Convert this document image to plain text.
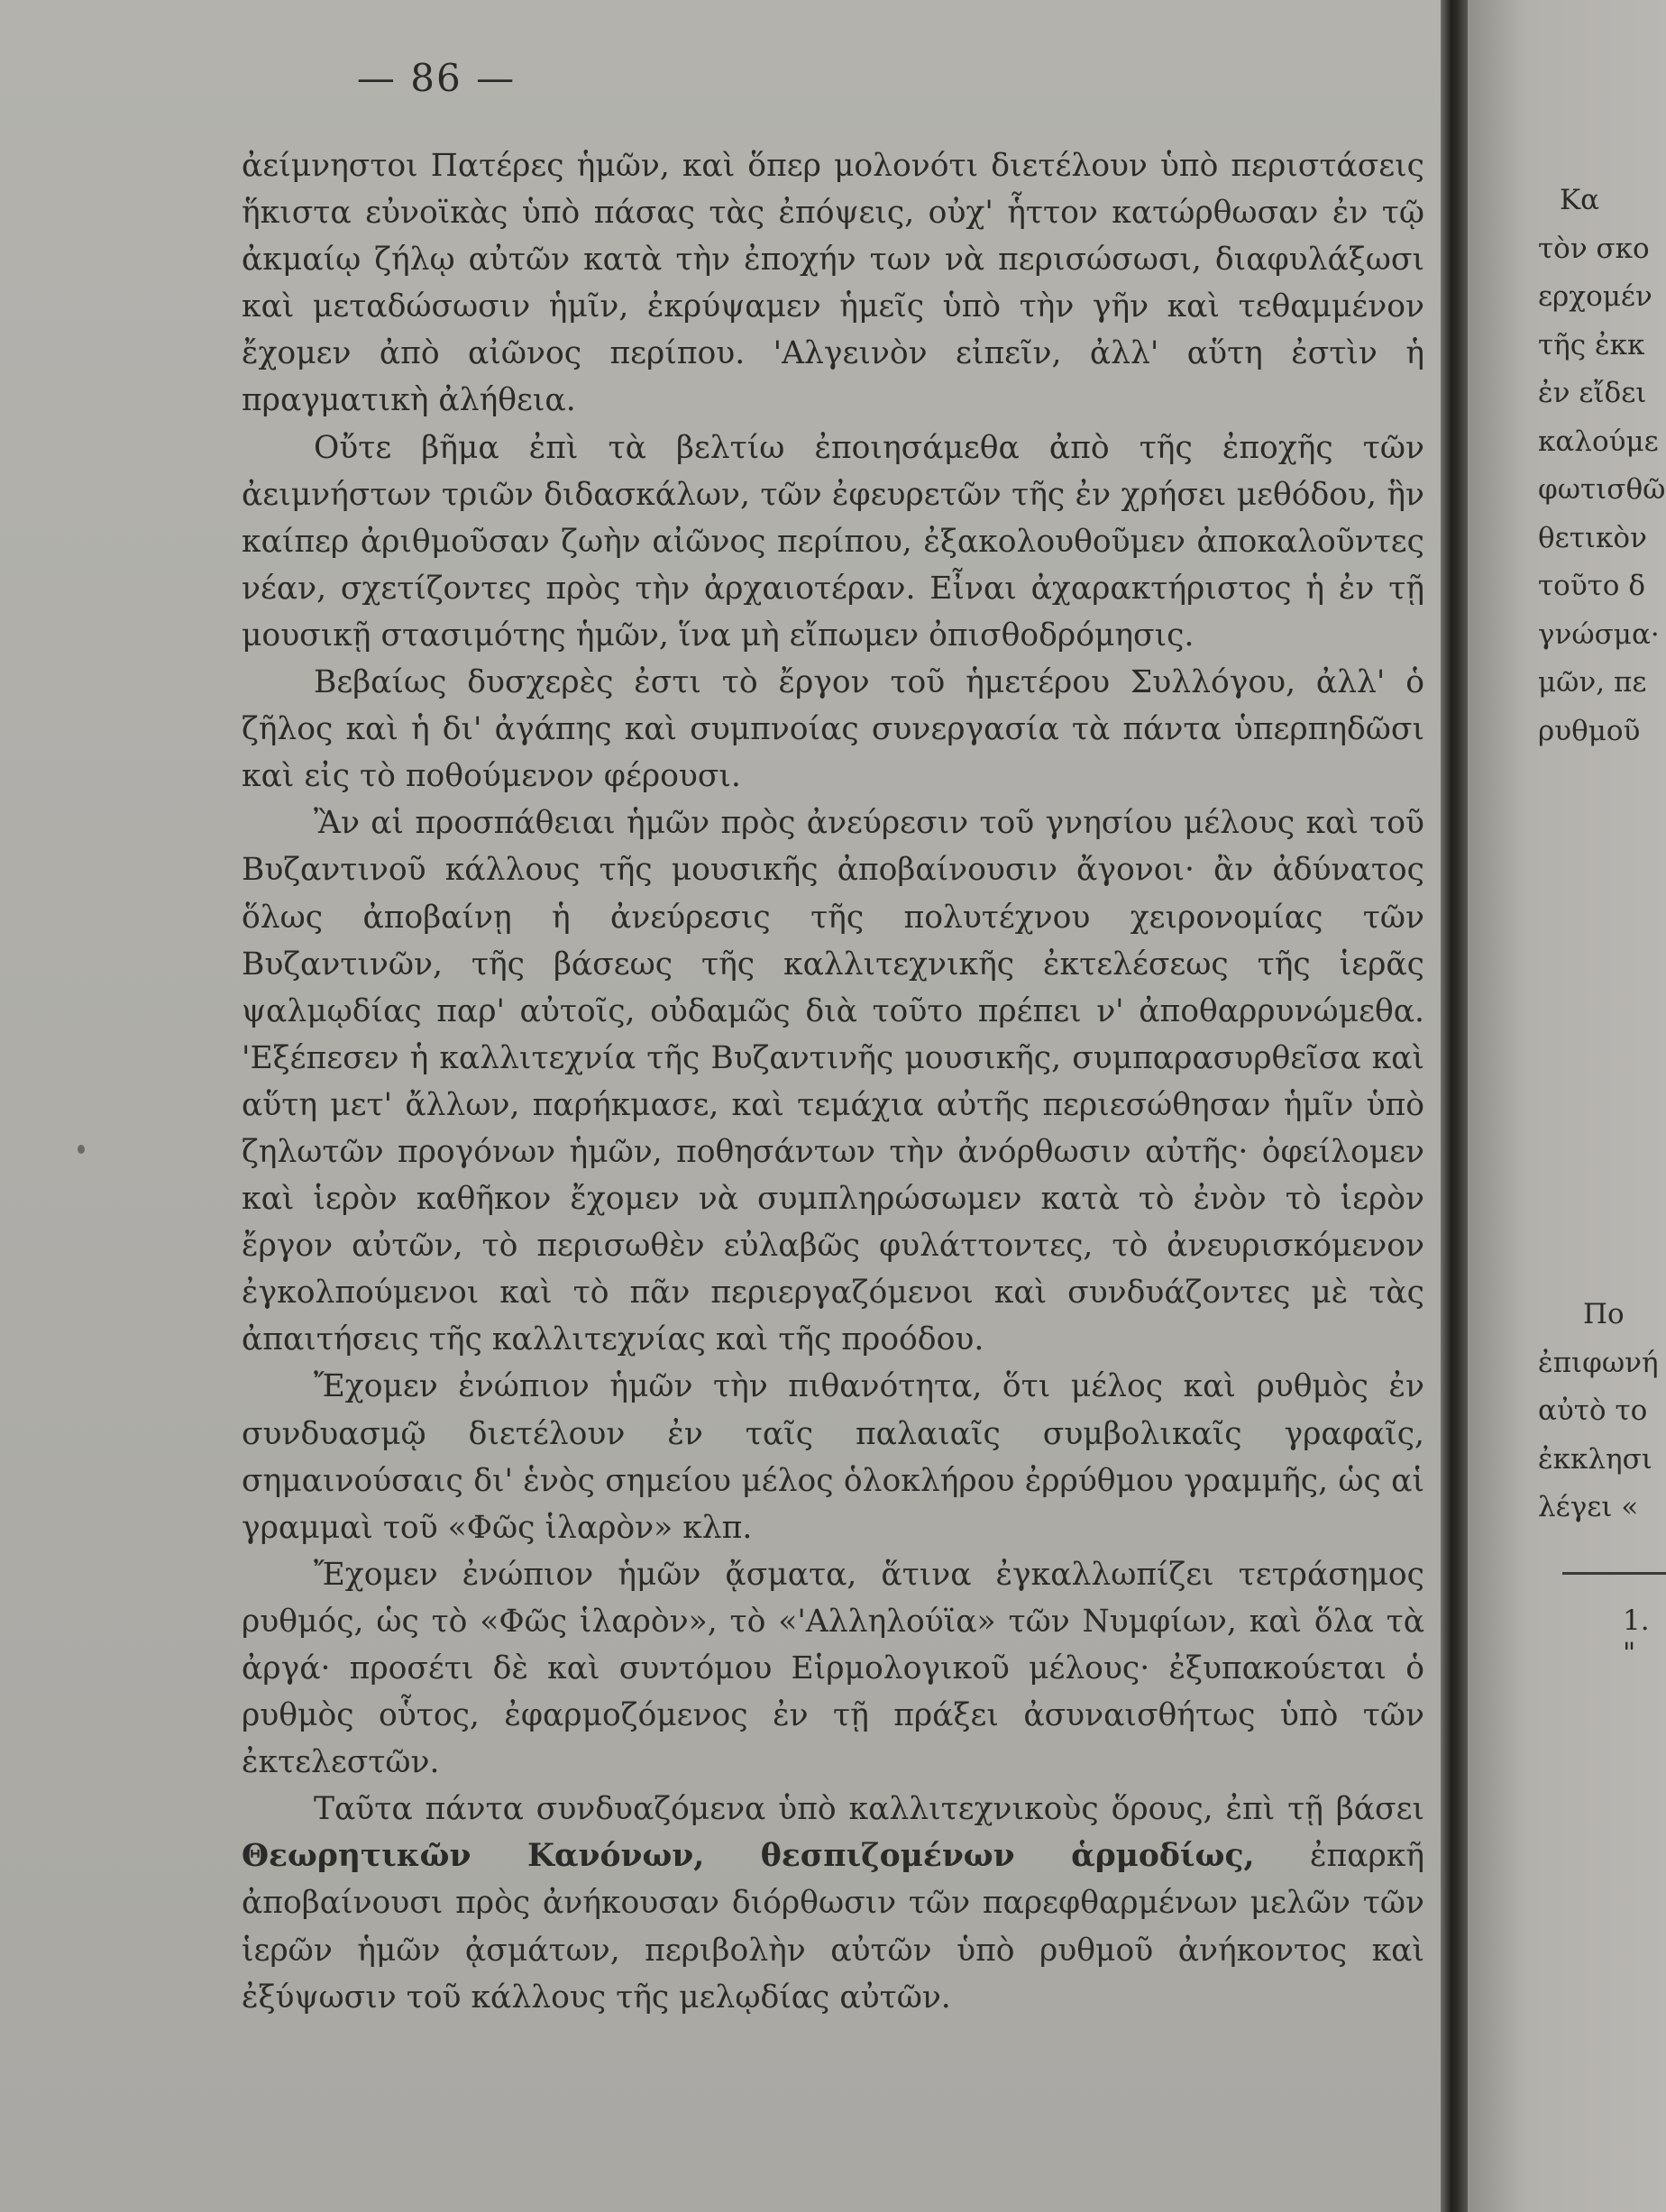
— 86 —

ἀείμνηστοι Πατέρες ἡμῶν, καὶ ὅπερ μολονότι διετέλουν ὑπὸ περιστάσεις ἥκιστα εὐνοϊκὰς ὑπὸ πάσας τὰς ἐπόψεις, οὐχ' ἧττον κατώρθωσαν ἐν τῷ ἀκμαίῳ ζήλῳ αὐτῶν κατὰ τὴν ἐποχήν των νὰ περισώσωσι, διαφυλάξωσι καὶ μεταδώσωσιν ἡμῖν, ἐκρύψαμεν ἡμεῖς ὑπὸ τὴν γῆν καὶ τεθαμμένον ἔχομεν ἀπὸ αἰῶνος περίπου. 'Αλγεινὸν εἰπεῖν, ἀλλ' αὕτη ἐστὶν ἡ πραγματικὴ ἀλήθεια.

Οὔτε βῆμα ἐπὶ τὰ βελτίω ἐποιησάμεθα ἀπὸ τῆς ἐποχῆς τῶν ἀειμνήστων τριῶν διδασκάλων, τῶν ἐφευρετῶν τῆς ἐν χρήσει μεθόδου, ἣν καίπερ ἀριθμοῦσαν ζωὴν αἰῶνος περίπου, ἐξακολουθοῦμεν ἀποκαλοῦντες νέαν, σχετίζοντες πρὸς τὴν ἀρχαιοτέραν. Εἶναι ἀχαρακτήριστος ἡ ἐν τῇ μουσικῇ στασιμότης ἡμῶν, ἵνα μὴ εἴπωμεν ὀπισθοδρόμησις.

Βεβαίως δυσχερὲς ἐστι τὸ ἔργον τοῦ ἡμετέρου Συλλόγου, ἀλλ' ὁ ζῆλος καὶ ἡ δι' ἀγάπης καὶ συμπνοίας συνεργασία τὰ πάντα ὑπερπηδῶσι καὶ εἰς τὸ ποθούμενον φέρουσι.

Ἂν αἱ προσπάθειαι ἡμῶν πρὸς ἀνεύρεσιν τοῦ γνησίου μέλους καὶ τοῦ Βυζαντινοῦ κάλλους τῆς μουσικῆς ἀποβαίνουσιν ἄγονοι· ἂν ἀδύνατος ὅλως ἀποβαίνῃ ἡ ἀνεύρεσις τῆς πολυτέχνου χειρονομίας τῶν Βυζαντινῶν, τῆς βάσεως τῆς καλλιτεχνικῆς ἐκτελέσεως τῆς ἱερᾶς ψαλμῳδίας παρ' αὐτοῖς, οὐδαμῶς διὰ τοῦτο πρέπει ν' ἀποθαρρυνώμεθα. 'Εξέπεσεν ἡ καλλιτεχνία τῆς Βυζαντινῆς μουσικῆς, συμπαρασυρθεῖσα καὶ αὕτη μετ' ἄλλων, παρήκμασε, καὶ τεμάχια αὐτῆς περιεσώθησαν ἡμῖν ὑπὸ ζηλωτῶν προγόνων ἡμῶν, ποθησάντων τὴν ἀνόρθωσιν αὐτῆς· ὀφείλομεν καὶ ἱερὸν καθῆκον ἔχομεν νὰ συμπληρώσωμεν κατὰ τὸ ἐνὸν τὸ ἱερὸν ἔργον αὐτῶν, τὸ περισωθὲν εὐλαβῶς φυλάττοντες, τὸ ἀνευρισκόμενον ἐγκολπούμενοι καὶ τὸ πᾶν περιεργαζόμενοι καὶ συνδυάζοντες μὲ τὰς ἀπαιτήσεις τῆς καλλιτεχνίας καὶ τῆς προόδου.

Ἔχομεν ἐνώπιον ἡμῶν τὴν πιθανότητα, ὅτι μέλος καὶ ρυθμὸς ἐν συνδυασμῷ διετέλουν ἐν ταῖς παλαιαῖς συμβολικαῖς γραφαῖς, σημαινούσαις δι' ἑνὸς σημείου μέλος ὁλοκλήρου ἐρρύθμου γραμμῆς, ὡς αἱ γραμμαὶ τοῦ «Φῶς ἱλαρὸν» κλπ.

Ἔχομεν ἐνώπιον ἡμῶν ᾄσματα, ἅτινα ἐγκαλλωπίζει τετράσημος ρυθμός, ὡς τὸ «Φῶς ἱλαρὸν», τὸ «'Αλληλούϊα» τῶν Νυμφίων, καὶ ὅλα τὰ ἀργά· προσέτι δὲ καὶ συντόμου Εἱρμολογικοῦ μέλους· ἐξυπακούεται ὁ ρυθμὸς οὗτος, ἐφαρμοζόμενος ἐν τῇ πράξει ἀσυναισθήτως ὑπὸ τῶν ἐκτελεστῶν.

Ταῦτα πάντα συνδυαζόμενα ὑπὸ καλλιτεχνικοὺς ὅρους, ἐπὶ τῇ βάσει Θεωρητικῶν Κανόνων, θεσπιζομένων ἁρμοδίως, ἐπαρκῆ ἀποβαίνουσι πρὸς ἀνήκουσαν διόρθωσιν τῶν παρεφθαρμένων μελῶν τῶν ἱερῶν ἡμῶν ᾀσμάτων, περιβολὴν αὐτῶν ὑπὸ ρυθμοῦ ἀνήκοντος καὶ ἐξύψωσιν τοῦ κάλλους τῆς μελῳδίας αὐτῶν.

Κα
τὸν σκο
ερχομέν
τῆς ἐκκ
ἐν εἴδει
καλούμε
φωτισθῶ
θετικὸν
τοῦτο δ
γνώσμα·
μῶν, πε
ρυθμοῦ
Πο
ἐπιφωνή
αὐτὸ το
ἐκκλησι
λέγει «
1. "
